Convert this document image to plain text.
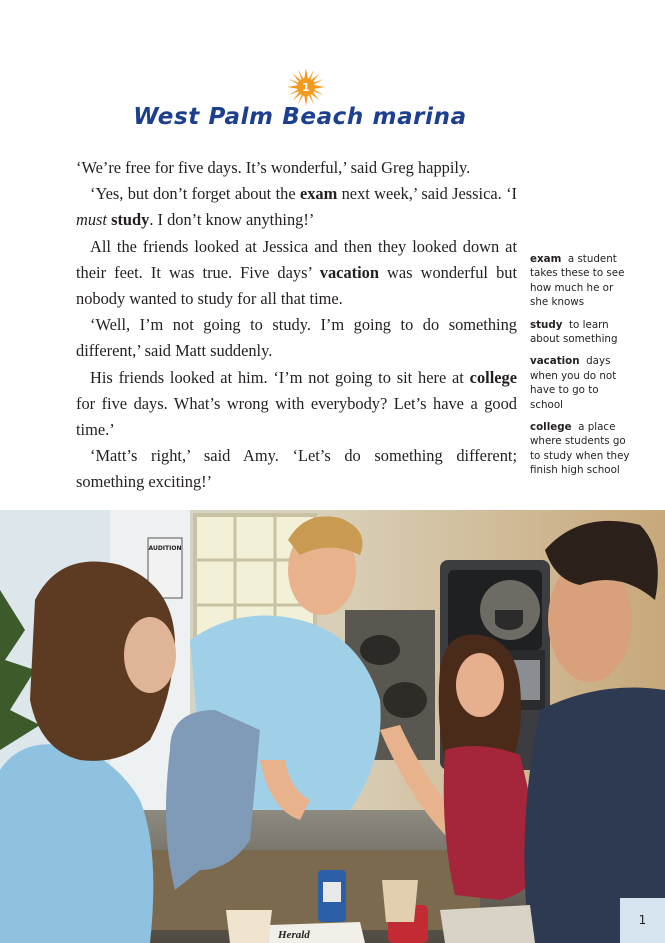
1
West Palm Beach marina

‘We’re free for five days. It’s wonderful,’ said Greg happily.

‘Yes, but don’t forget about the exam next week,’ said Jessica. ‘I must study. I don’t know anything!’

All the friends looked at Jessica and then they looked down at their feet. It was true. Five days’ vacation was wonderful but nobody wanted to study for all that time.

‘Well, I’m not going to study. I’m going to do something different,’ said Matt suddenly.

His friends looked at him. ‘I’m not going to sit here at college for five days. What’s wrong with everybody? Let’s have a good time.’

‘Matt’s right,’ said Amy. ‘Let’s do something different; something exciting!’

exam a student takes these to see how much he or she knows
study to learn about something
vacation days when you do not have to go to school
college a place where students go to study when they finish high school
AUDITION
Herald
1
